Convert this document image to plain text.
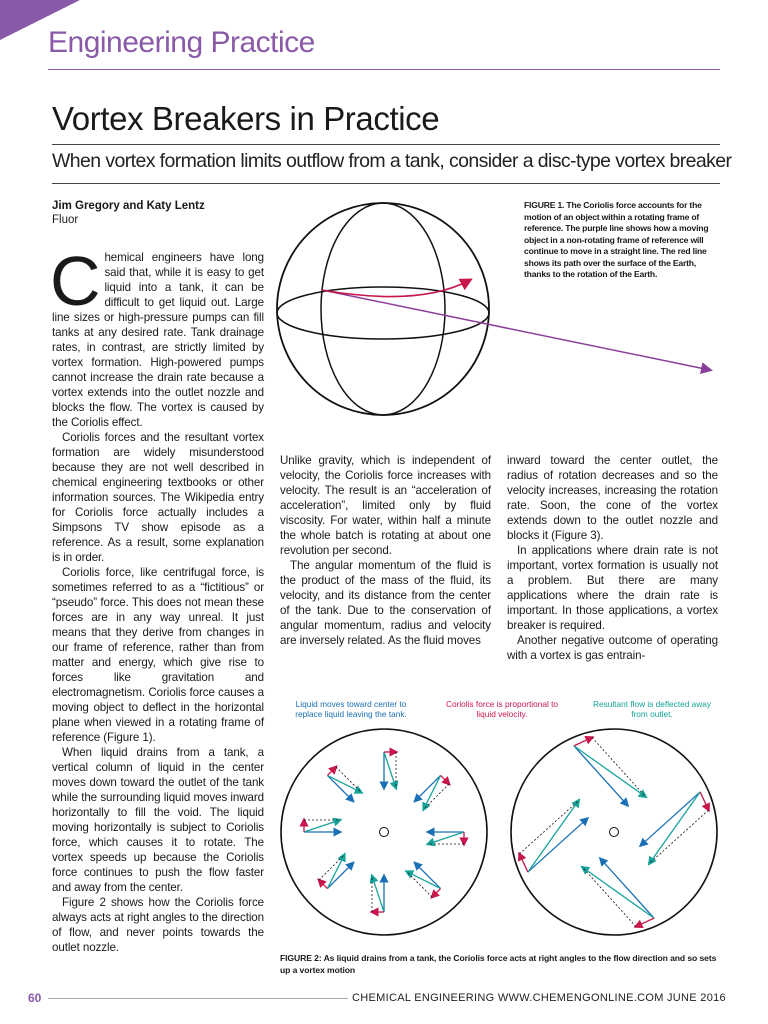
Engineering Practice
Vortex Breakers in Practice
When vortex formation limits outflow from a tank, consider a disc-type vortex breaker
Jim Gregory and Katy Lentz
Fluor
FIGURE 1. The Coriolis force accounts for the motion of an object within a rotating frame of reference. The purple line shows how a moving object in a non-rotating frame of reference will continue to move in a straight line. The red line shows its path over the surface of the Earth, thanks to the rotation of the Earth.

Chemical engineers have long said that, while it is easy to get liquid into a tank, it can be difficult to get liquid out. Large line sizes or high-pressure pumps can fill tanks at any desired rate. Tank drainage rates, in contrast, are strictly limited by vortex formation. High-powered pumps cannot increase the drain rate because a vortex extends into the outlet nozzle and blocks the flow. The vortex is caused by the Coriolis effect.

Coriolis forces and the resultant vortex formation are widely misunderstood because they are not well described in chemical engineering textbooks or other information sources. The Wikipedia entry for Coriolis force actually includes a Simpsons TV show episode as a reference. As a result, some explanation is in order.

Coriolis force, like centrifugal force, is sometimes referred to as a “fictitious” or “pseudo” force. This does not mean these forces are in any way unreal. It just means that they derive from changes in our frame of reference, rather than from matter and energy, which give rise to forces like gravitation and electromagnetism. Coriolis force causes a moving object to deflect in the horizontal plane when viewed in a rotating frame of reference (Figure 1).

When liquid drains from a tank, a vertical column of liquid in the center moves down toward the outlet of the tank while the surrounding liquid moves inward horizontally to fill the void. The liquid moving horizontally is subject to Coriolis force, which causes it to rotate. The vortex speeds up because the Coriolis force continues to push the flow faster and away from the center.

Figure 2 shows how the Coriolis force always acts at right angles to the direction of flow, and never points towards the outlet nozzle.

Unlike gravity, which is independent of velocity, the Coriolis force increases with velocity. The result is an “acceleration of acceleration”, limited only by fluid viscosity. For water, within half a minute the whole batch is rotating at about one revolution per second.

The angular momentum of the fluid is the product of the mass of the fluid, its velocity, and its distance from the center of the tank. Due to the conservation of angular momentum, radius and velocity are inversely related. As the fluid moves

inward toward the center outlet, the radius of rotation decreases and so the velocity increases, increasing the rotation rate. Soon, the cone of the vortex extends down to the outlet nozzle and blocks it (Figure 3).

In applications where drain rate is not important, vortex formation is usually not a problem. But there are many applications where the drain rate is important. In those applications, a vortex breaker is required.

Another negative outcome of operating with a vortex is gas entrain-

Liquid moves toward center to replace liquid leaving the tank.
Coriolis force is proportional to liquid velocity.
Resultant flow is deflected away from outlet.
FIGURE 2: As liquid drains from a tank, the Coriolis force acts at right angles to the flow direction and so sets up a vortex motion
60	CHEMICAL ENGINEERING WWW.CHEMENGONLINE.COM JUNE 2016
